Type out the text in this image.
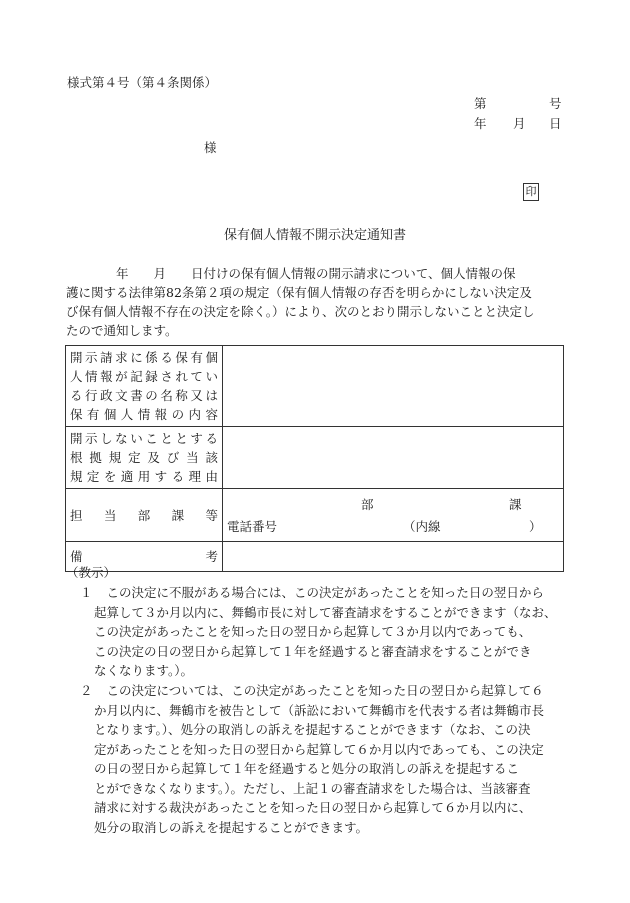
様式第４号（第４条関係）
第	号
年 月 日
様
印
保有個人情報不開示決定通知書
　　　　年　　月　　日付けの保有個人情報の開示請求について、個人情報の保
護に関する法律第82条第２項の規定（保有個人情報の存否を明らかにしない決定及
び保有個人情報不存在の決定を除く。）により、次のとおり開示しないことと決定し
たので通知します。
開示請求に係る保有個
人情報が記録されてい
る行政文書の名称又は
保有個人情報の内容	

開示しないこととする
根拠規定及び当該
規定を適用する理由	

担当部課等	部 課
電話番号 （内線 ）

備考	

（教示）
１ 　この決定に不服がある場合には、この決定があったことを知った日の翌日から
起算して３か月以内に、舞鶴市長に対して審査請求をすることができます（なお、
この決定があったことを知った日の翌日から起算して３か月以内であっても、
この決定の日の翌日から起算して１年を経過すると審査請求をすることができ
なくなります。）。
２ 　この決定については、この決定があったことを知った日の翌日から起算して６
か月以内に、舞鶴市を被告として（訴訟において舞鶴市を代表する者は舞鶴市長
となります。）、処分の取消しの訴えを提起することができます（なお、この決
定があったことを知った日の翌日から起算して６か月以内であっても、この決定
の日の翌日から起算して１年を経過すると処分の取消しの訴えを提起するこ
とができなくなります。）。ただし、上記１の審査請求をした場合は、当該審査
請求に対する裁決があったことを知った日の翌日から起算して６か月以内に、
処分の取消しの訴えを提起することができます。
